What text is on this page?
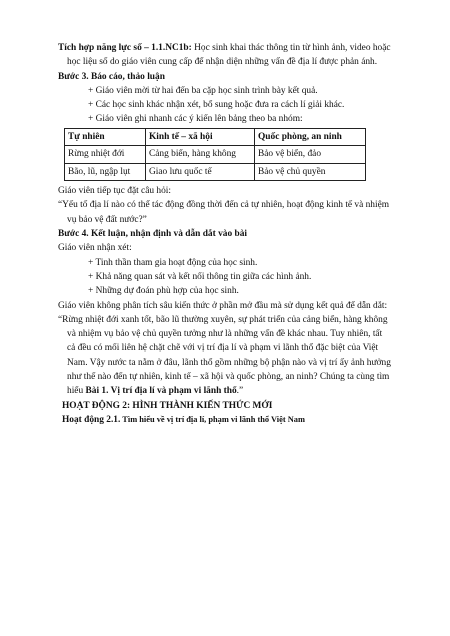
Tích hợp năng lực số – 1.1.NC1b: Học sinh khai thác thông tin từ hình ảnh, video hoặc học liệu số do giáo viên cung cấp để nhận diện những vấn đề địa lí được phản ánh.

Bước 3. Báo cáo, thảo luận

+ Giáo viên mời từ hai đến ba cặp học sinh trình bày kết quả.

+ Các học sinh khác nhận xét, bổ sung hoặc đưa ra cách lí giải khác.

+ Giáo viên ghi nhanh các ý kiến lên bảng theo ba nhóm:

Tự nhiên	Kinh tế – xã hội	Quốc phòng, an ninh
Rừng nhiệt đới	Cảng biển, hàng không	Bảo vệ biển, đảo
Bão, lũ, ngập lụt	Giao lưu quốc tế	Bảo vệ chủ quyền

Giáo viên tiếp tục đặt câu hỏi:

“Yếu tố địa lí nào có thể tác động đồng thời đến cả tự nhiên, hoạt động kinh tế và nhiệm vụ bảo vệ đất nước?”

Bước 4. Kết luận, nhận định và dẫn dắt vào bài

Giáo viên nhận xét:

+ Tinh thần tham gia hoạt động của học sinh.

+ Khả năng quan sát và kết nối thông tin giữa các hình ảnh.

+ Những dự đoán phù hợp của học sinh.

Giáo viên không phân tích sâu kiến thức ở phần mở đầu mà sử dụng kết quả để dẫn dắt:

“Rừng nhiệt đới xanh tốt, bão lũ thường xuyên, sự phát triển của cảng biển, hàng không và nhiệm vụ bảo vệ chủ quyền tưởng như là những vấn đề khác nhau. Tuy nhiên, tất cả đều có mối liên hệ chặt chẽ với vị trí địa lí và phạm vi lãnh thổ đặc biệt của Việt Nam. Vậy nước ta nằm ở đâu, lãnh thổ gồm những bộ phận nào và vị trí ấy ảnh hưởng như thế nào đến tự nhiên, kinh tế – xã hội và quốc phòng, an ninh? Chúng ta cùng tìm hiểu Bài 1. Vị trí địa lí và phạm vi lãnh thổ.”

HOẠT ĐỘNG 2: HÌNH THÀNH KIẾN THỨC MỚI

Hoạt động 2.1. Tìm hiểu về vị trí địa lí, phạm vi lãnh thổ Việt Nam
